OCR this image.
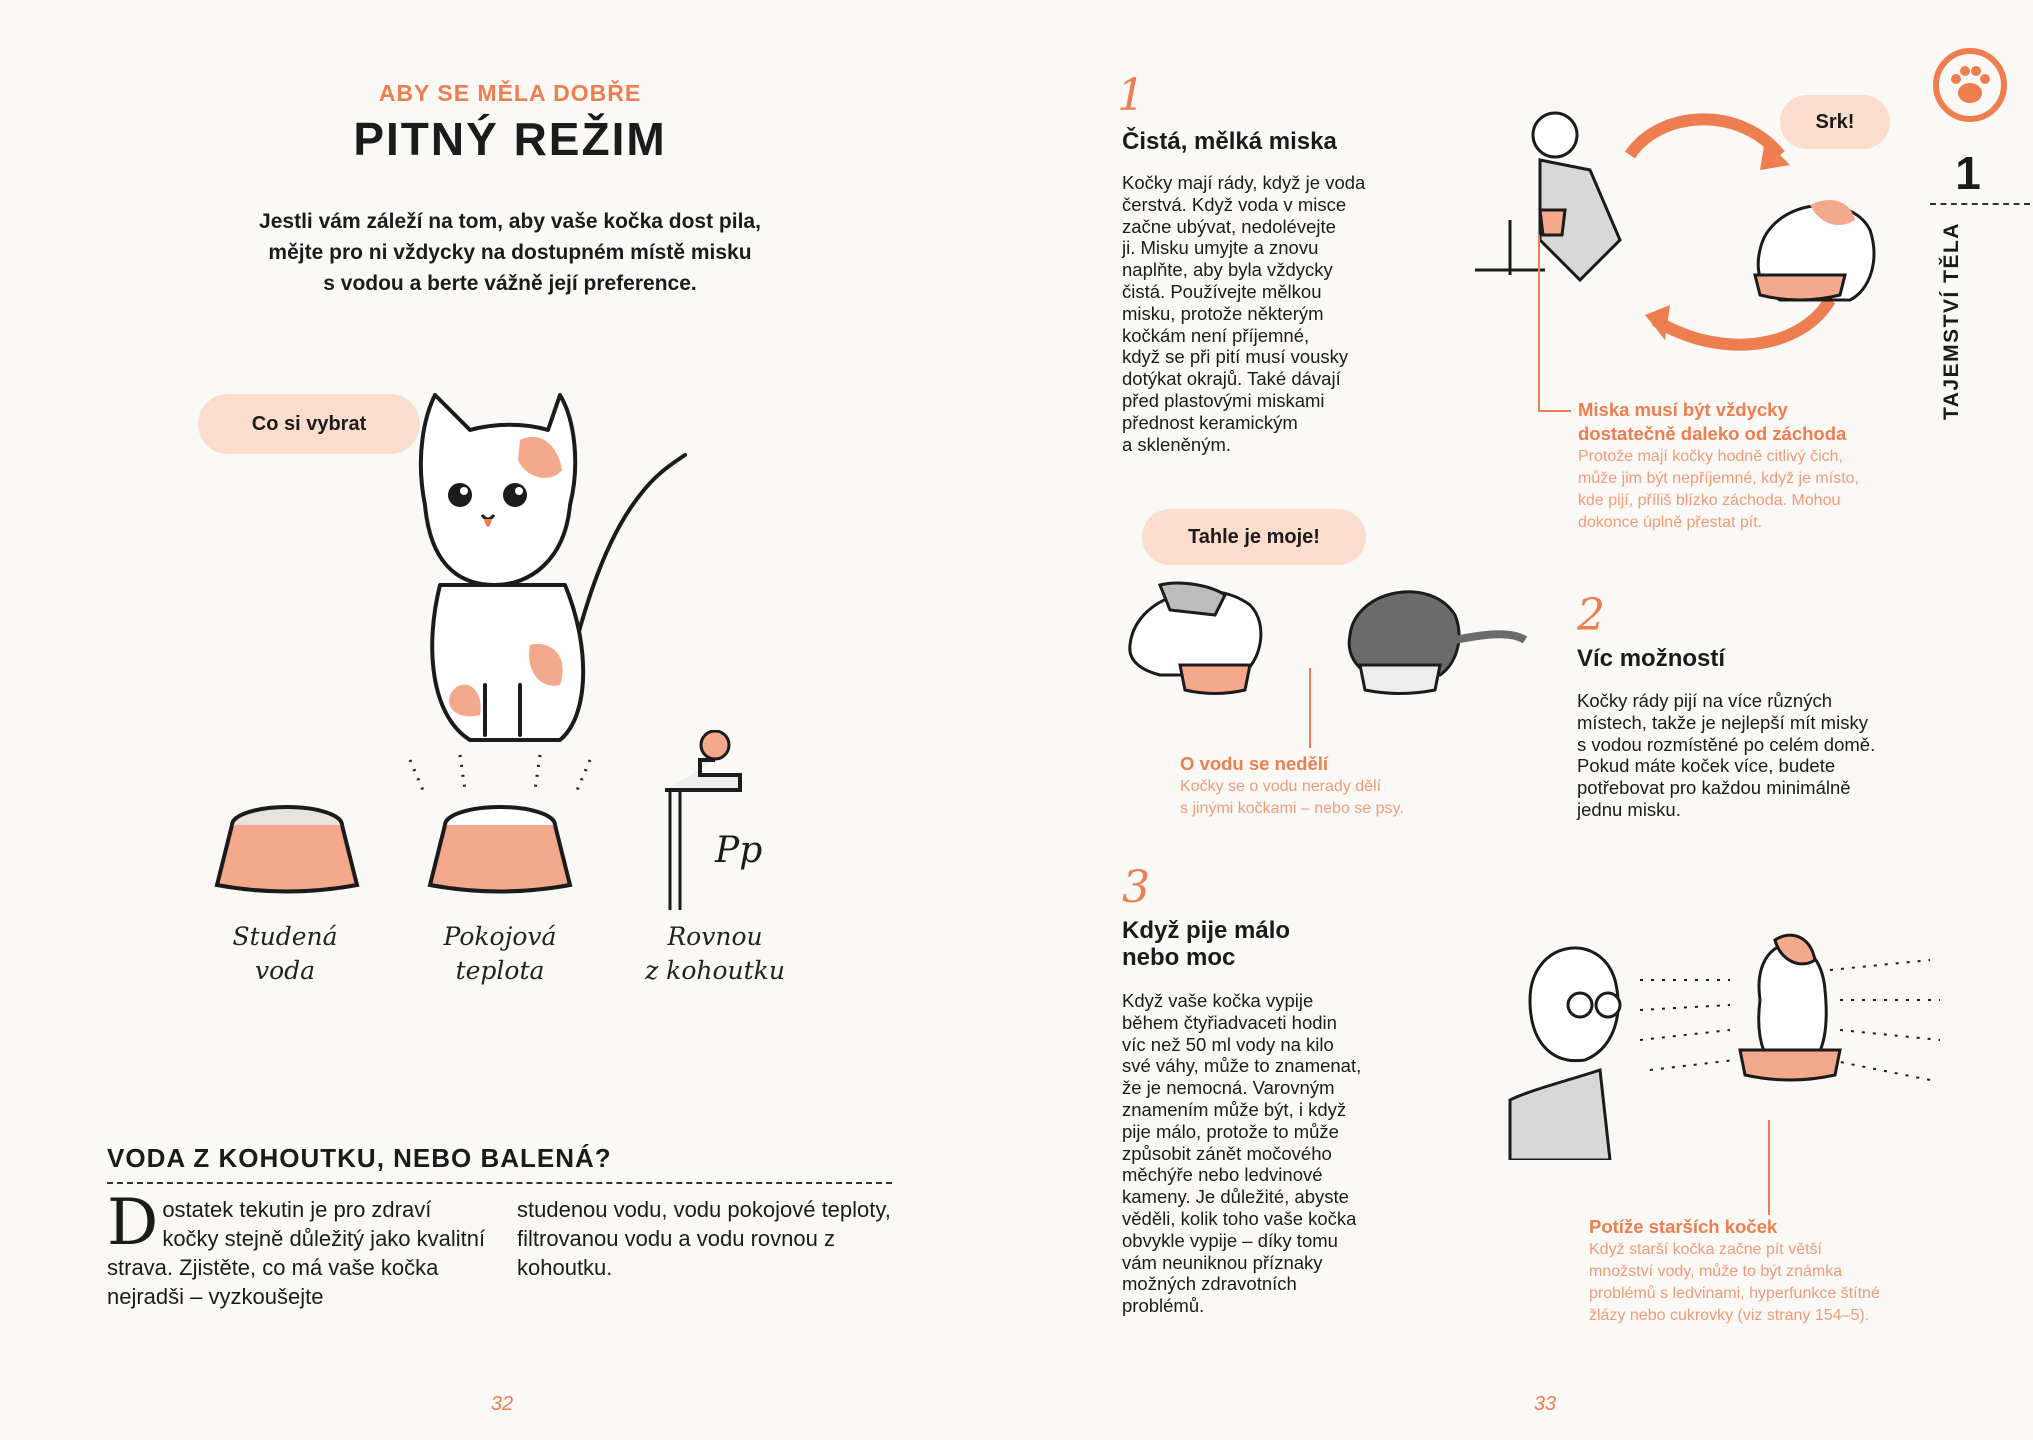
ABY SE MĚLA DOBŘE
PITNÝ REŽIM
Jestli vám záleží na tom, aby vaše kočka dost pila,
mějte pro ni vždycky na dostupném místě misku
s vodou a berte vážně její preference.
Co si vybrat
Pp
Studená
voda
Pokojová
teplota
Rovnou
z kohoutku
VODA Z KOHOUTKU, NEBO BALENÁ?
Dostatek tekutin je pro zdraví kočky stejně důležitý jako kvalitní strava. Zjistěte, co má vaše kočka nejradši – vyzkoušejte
studenou vodu, vodu pokojové teploty, filtrovanou vodu a vodu rovnou z kohoutku.
32
1
TAJEMSTVÍ TĚLA
1
Čistá, mělká miska
Kočky mají rády, když je voda
čerstvá. Když voda v misce
začne ubývat, nedolévejte
ji. Misku umyjte a znovu
naplňte, aby byla vždycky
čistá. Používejte mělkou
misku, protože některým
kočkám není příjemné,
když se při pití musí vousky
dotýkat okrajů. Také dávají
před plastovými miskami
přednost keramickým
a skleněným.
Srk!
Miska musí být vždycky
dostatečně daleko od záchoda
Protože mají kočky hodně citlivý čich,
může jim být nepříjemné, když je místo,
kde pijí, příliš blízko záchoda. Mohou
dokonce úplně přestat pít.
Tahle je moje!
O vodu se nedělí
Kočky se o vodu nerady dělí
s jinými kočkami – nebo se psy.
2
Víc možností
Kočky rády pijí na více různých
místech, takže je nejlepší mít misky
s vodou rozmístěné po celém domě.
Pokud máte koček více, budete
potřebovat pro každou minimálně
jednu misku.
3
Když pije málo
nebo moc
Když vaše kočka vypije
během čtyřiadvaceti hodin
víc než 50 ml vody na kilo
své váhy, může to znamenat,
že je nemocná. Varovným
znamením může být, i když
pije málo, protože to může
způsobit zánět močového
měchýře nebo ledvinové
kameny. Je důležité, abyste
věděli, kolik toho vaše kočka
obvykle vypije – díky tomu
vám neuniknou příznaky
možných zdravotních
problémů.
Potíže starších koček
Když starší kočka začne pít větší
množství vody, může to být známka
problémů s ledvinami, hyperfunkce štítné
žlázy nebo cukrovky (viz strany 154–5).
33
